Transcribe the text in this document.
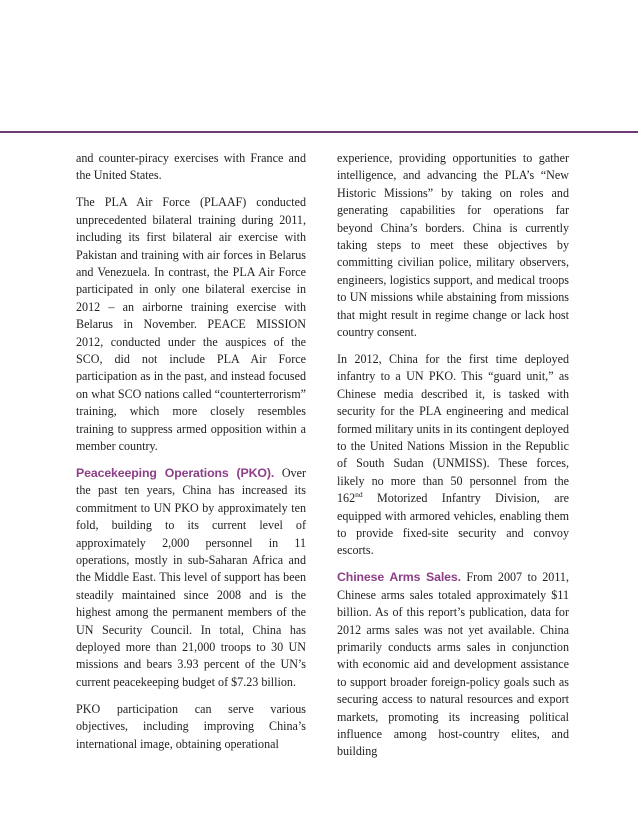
and counter-piracy exercises with France and the United States.

The PLA Air Force (PLAAF) conducted unprecedented bilateral training during 2011, including its first bilateral air exercise with Pakistan and training with air forces in Belarus and Venezuela. In contrast, the PLA Air Force participated in only one bilateral exercise in 2012 – an airborne training exercise with Belarus in November. PEACE MISSION 2012, conducted under the auspices of the SCO, did not include PLA Air Force participation as in the past, and instead focused on what SCO nations called “counterterrorism” training, which more closely resembles training to suppress armed opposition within a member country.

Peacekeeping Operations (PKO). Over the past ten years, China has increased its commitment to UN PKO by approximately ten fold, building to its current level of approximately 2,000 personnel in 11 operations, mostly in sub-Saharan Africa and the Middle East. This level of support has been steadily maintained since 2008 and is the highest among the permanent members of the UN Security Council. In total, China has deployed more than 21,000 troops to 30 UN missions and bears 3.93 percent of the UN’s current peacekeeping budget of $7.23 billion.

PKO participation can serve various objectives, including improving China’s international image, obtaining operational

experience, providing opportunities to gather intelligence, and advancing the PLA’s “New Historic Missions” by taking on roles and generating capabilities for operations far beyond China’s borders. China is currently taking steps to meet these objectives by committing civilian police, military observers, engineers, logistics support, and medical troops to UN missions while abstaining from missions that might result in regime change or lack host country consent.

In 2012, China for the first time deployed infantry to a UN PKO. This “guard unit,” as Chinese media described it, is tasked with security for the PLA engineering and medical formed military units in its contingent deployed to the United Nations Mission in the Republic of South Sudan (UNMISS). These forces, likely no more than 50 personnel from the 162nd Motorized Infantry Division, are equipped with armored vehicles, enabling them to provide fixed-site security and convoy escorts.

Chinese Arms Sales. From 2007 to 2011, Chinese arms sales totaled approximately $11 billion. As of this report’s publication, data for 2012 arms sales was not yet available. China primarily conducts arms sales in conjunction with economic aid and development assistance to support broader foreign-policy goals such as securing access to natural resources and export markets, promoting its increasing political influence among host-country elites, and building
